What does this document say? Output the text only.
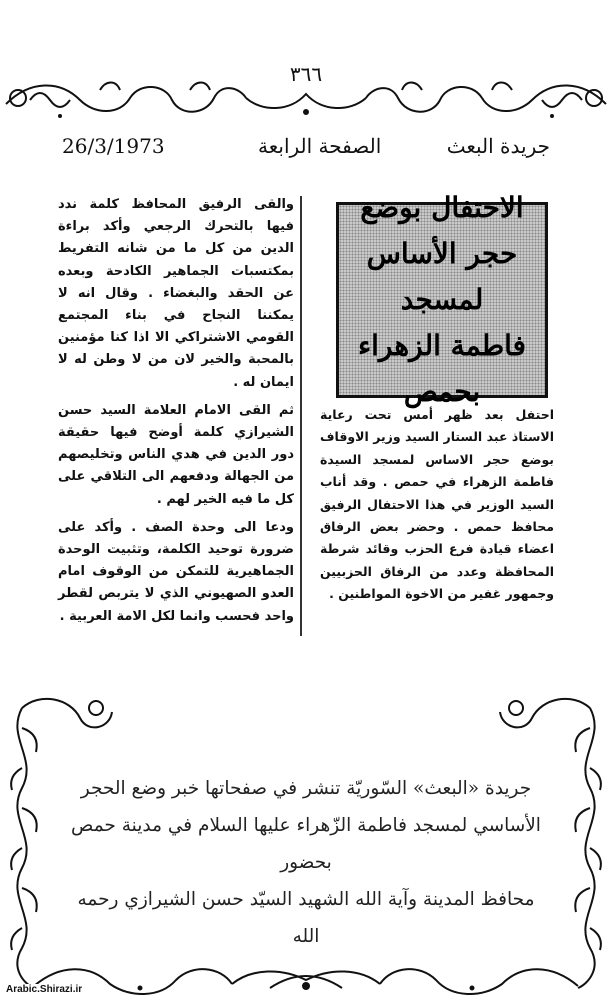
٣٦٦
26/3/1973	الصفحة الرابعة	جريدة البعث

والقى الرفيق المحافظ كلمة ندد فيها بالتحرك الرجعي وأكد براءة الدين من كل ما من شانه التفريط بمكتسبات الجماهير الكادحة وبعده عن الحقد والبغضاء . وقال انه لا يمكننا النجاح في بناء المجتمع القومي الاشتراكي الا اذا كنا مؤمنين بالمحبة والخير لان من لا وطن له لا ايمان له .

ثم القى الامام العلامة السيد حسن الشيرازي كلمة أوضح فيها حقيقة دور الدين في هدي الناس وتخليصهم من الجهالة ودفعهم الى التلاقي على كل ما فيه الخير لهم .

ودعا الى وحدة الصف . وأكد على ضرورة توحيد الكلمة، وتثبيت الوحدة الجماهيرية للتمكن من الوقوف امام العدو الصهيوني الذي لا يتربص لقطر واحد فحسب وانما لكل الامة العربية .

الاحتفال بوضع
حجر الأساس لمسجد
فاطمة الزهراء
بحمص

احتفل بعد ظهر أمس تحت رعاية الاستاذ عبد الستار السيد وزير الاوقاف بوضع حجر الاساس لمسجد السيدة فاطمة الزهراء في حمص . وقد أناب السيد الوزير في هذا الاحتفال الرفيق محافظ حمص . وحضر بعض الرفاق اعضاء قيادة فرع الحزب وقائد شرطة المحافظة وعدد من الرفاق الحزبيين وجمهور غفير من الاخوة المواطنين .

جريدة «البعث» السّوريّة تنشر في صفحاتها خبر وضع الحجر
الأساسي لمسجد فاطمة الزّهراء عليها السلام في مدينة حمص بحضور
محافظ المدينة وآية الله الشهيد السيّد حسن الشيرازي رحمه الله
Arabic.Shirazi.ir
